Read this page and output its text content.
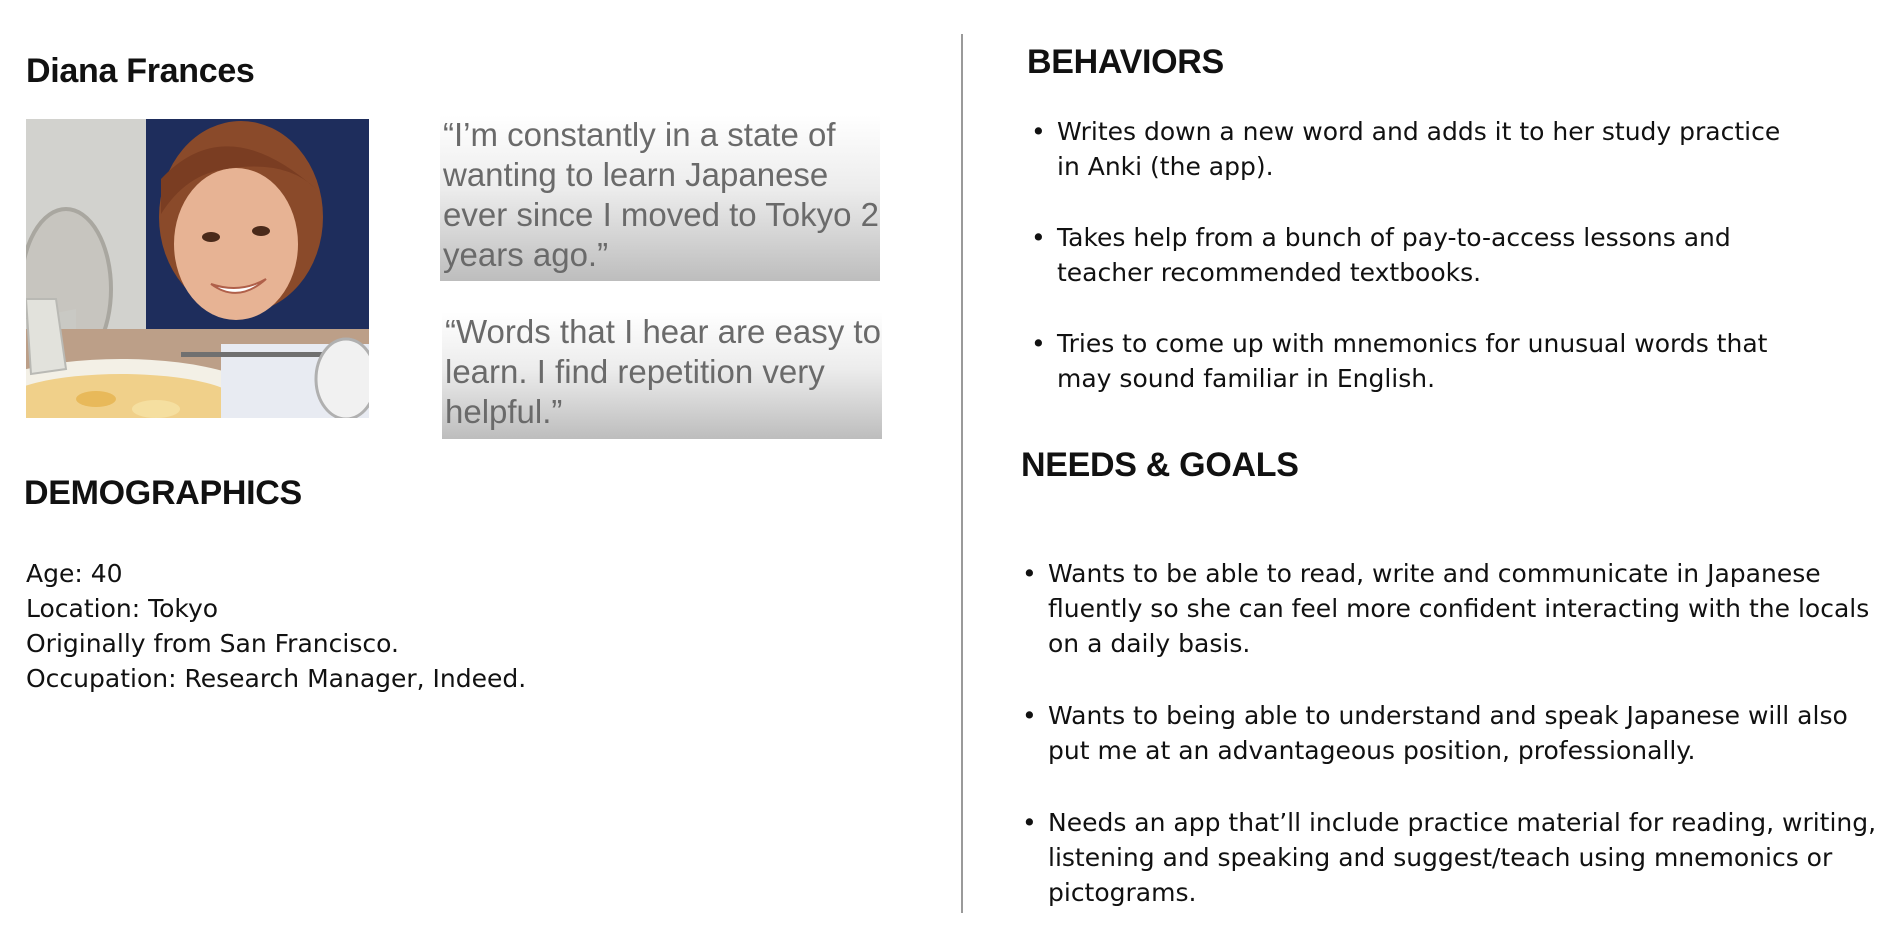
Diana Frances

“I’m constantly in a state of wanting to learn Japanese ever since I moved to Tokyo 2 years ago.”

“Words that I hear are easy to learn. I find repetition very helpful.”

DEMOGRAPHICS
Age: 40
Location: Tokyo
Originally from San Francisco.
Occupation: Research Manager, Indeed.
BEHAVIORS
• Writes down a new word and adds it to her study practice in Anki (the app).
• Takes help from a bunch of pay-to-access lessons and teacher recommended textbooks.
• Tries to come up with mnemonics for unusual words that may sound familiar in English.
NEEDS & GOALS
• Wants to be able to read, write and communicate in Japanese fluently so she can feel more confident interacting with the locals on a daily basis.
• Wants to being able to understand and speak Japanese will also put me at an advantageous position, professionally.
• Needs an app that’ll include practice material for reading, writing, listening and speaking and suggest/teach using mnemonics or pictograms.
